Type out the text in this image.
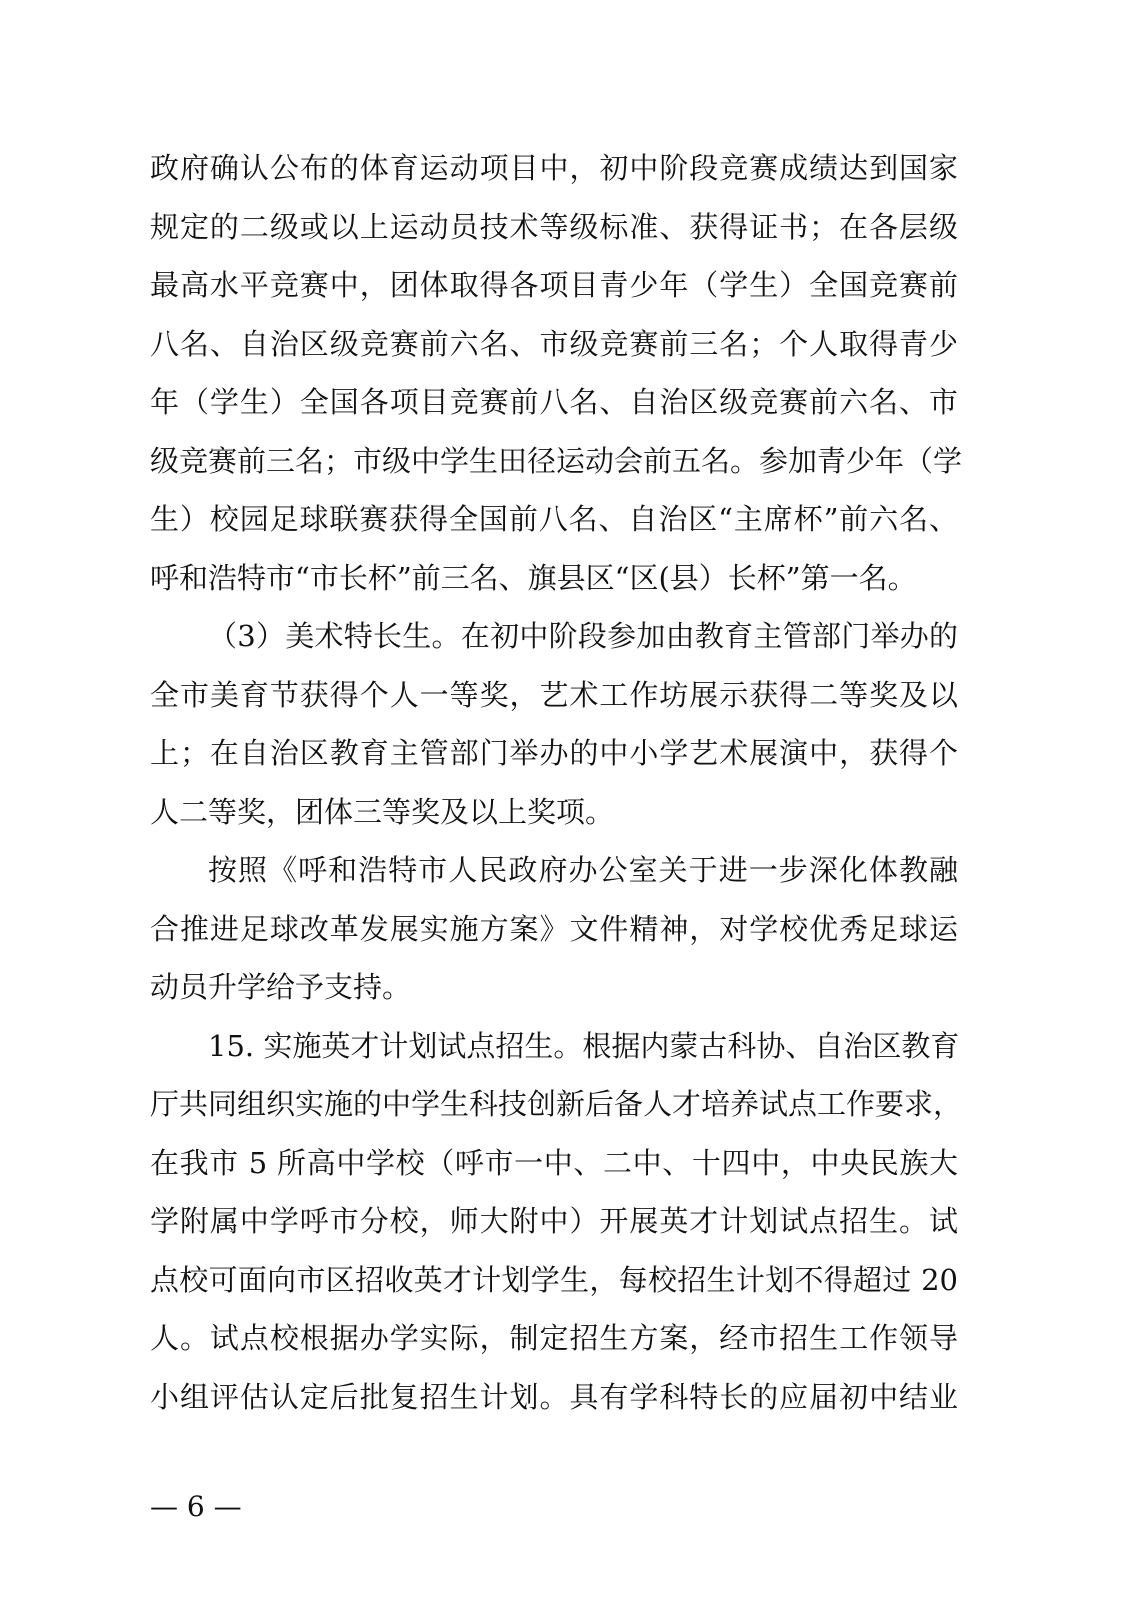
政府确认公布的体育运动项目中，初中阶段竞赛成绩达到国家
规定的二级或以上运动员技术等级标准、获得证书；在各层级
最高水平竞赛中，团体取得各项目青少年（学生）全国竞赛前
八名、自治区级竞赛前六名、市级竞赛前三名；个人取得青少
年（学生）全国各项目竞赛前八名、自治区级竞赛前六名、市
级竞赛前三名；市级中学生田径运动会前五名。参加青少年（学
生）校园足球联赛获得全国前八名、自治区“主席杯”前六名、
呼和浩特市“市长杯”前三名、旗县区“区(县）长杯”第一名。
（3）美术特长生。在初中阶段参加由教育主管部门举办的
全市美育节获得个人一等奖，艺术工作坊展示获得二等奖及以
上；在自治区教育主管部门举办的中小学艺术展演中，获得个
人二等奖，团体三等奖及以上奖项。
按照《呼和浩特市人民政府办公室关于进一步深化体教融
合推进足球改革发展实施方案》文件精神，对学校优秀足球运
动员升学给予支持。
15. 实施英才计划试点招生。根据内蒙古科协、自治区教育
厅共同组织实施的中学生科技创新后备人才培养试点工作要求，
在我市 5 所高中学校（呼市一中、二中、十四中，中央民族大
学附属中学呼市分校，师大附中）开展英才计划试点招生。试
点校可面向市区招收英才计划学生，每校招生计划不得超过 20
人。试点校根据办学实际，制定招生方案，经市招生工作领导
小组评估认定后批复招生计划。具有学科特长的应届初中结业
— 6 —
